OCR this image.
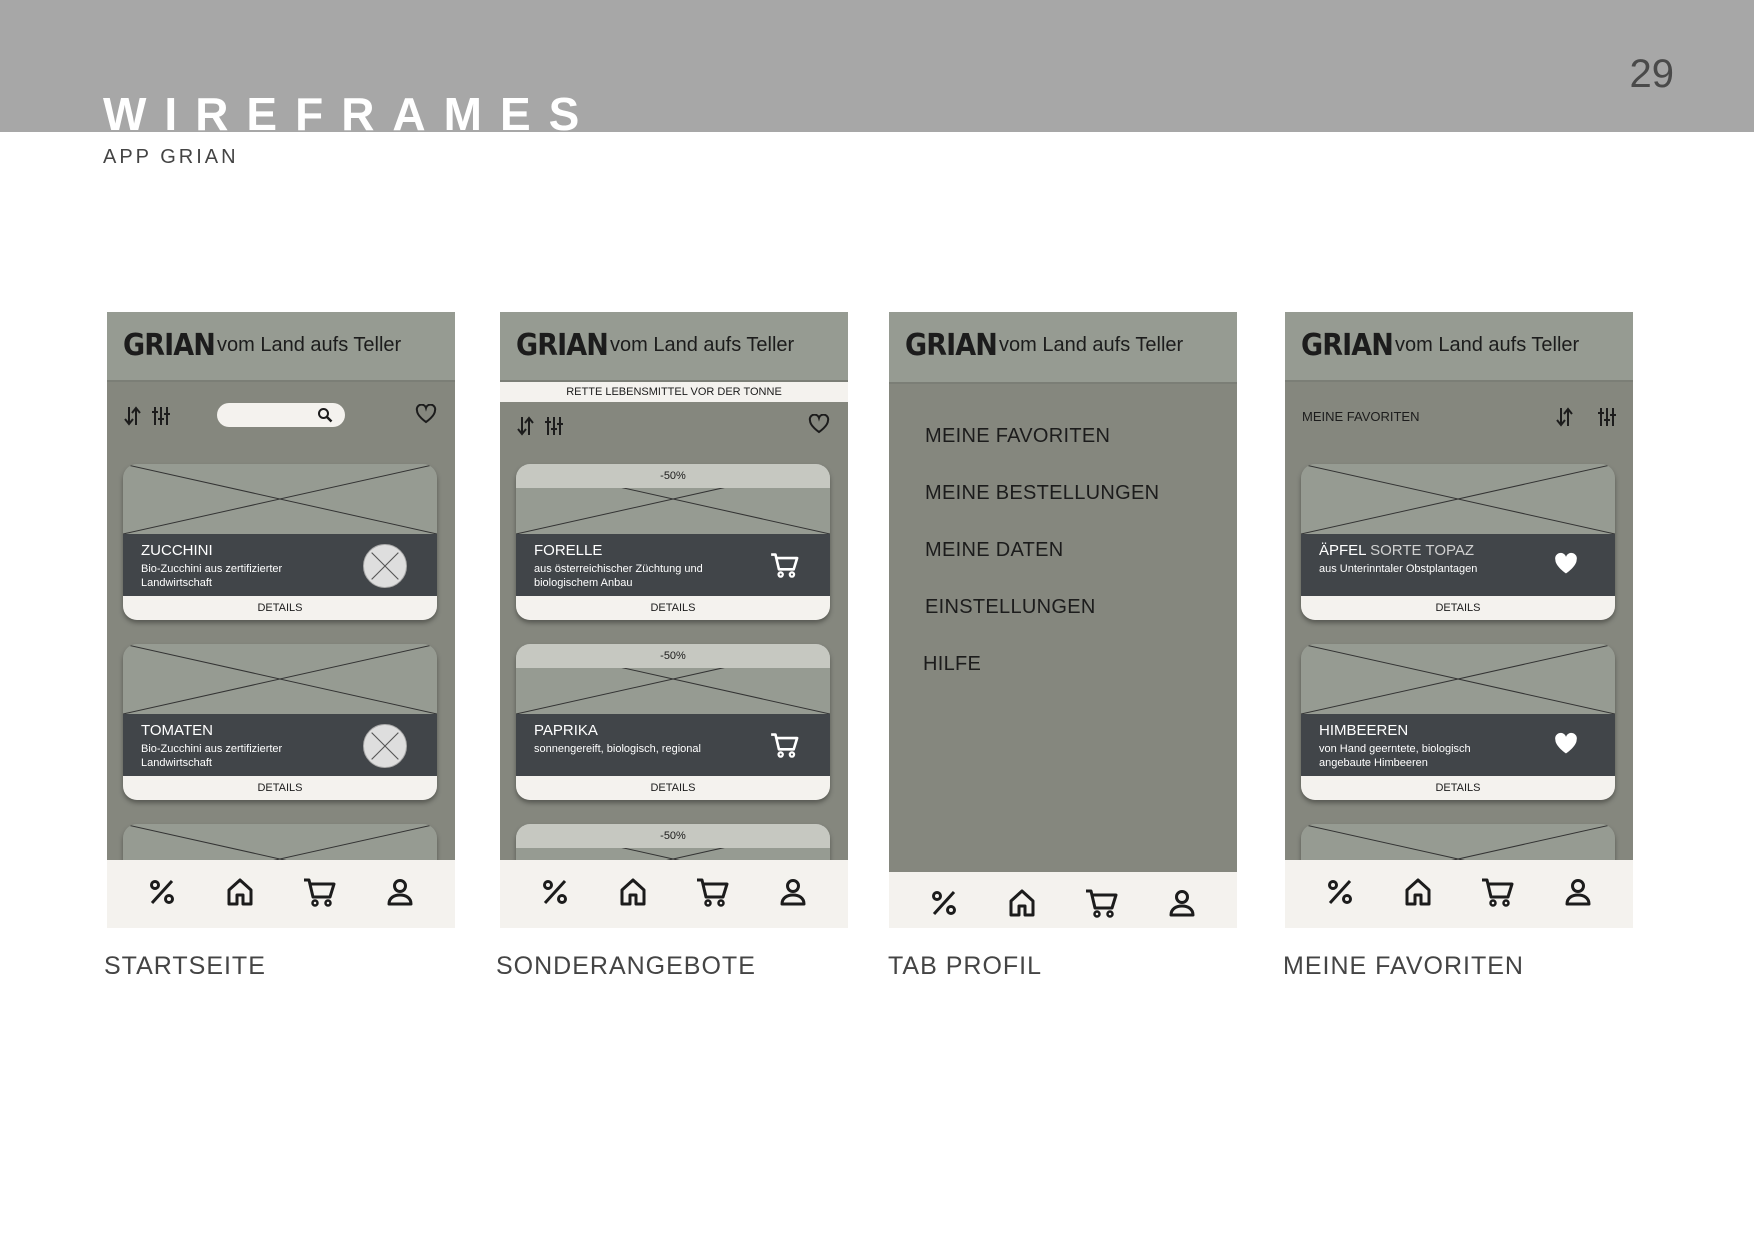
29
WIREFRAMES
APP GRIAN
GRIAN vom Land aufs Teller
ZUCCHINI
Bio-Zucchini aus zertifizierter Landwirtschaft
DETAILS
TOMATEN
Bio-Zucchini aus zertifizierter Landwirtschaft
DETAILS
GRIAN vom Land aufs Teller
RETTE LEBENSMITTEL VOR DER TONNE
-50%
FORELLE
aus österreichischer Züchtung und biologischem Anbau
DETAILS
-50%
PAPRIKA
sonnengereift, biologisch, regional
DETAILS
-50%
GRIAN vom Land aufs Teller
MEINE FAVORITEN
MEINE BESTELLUNGEN
MEINE DATEN
EINSTELLUNGEN
HILFE
GRIAN vom Land aufs Teller
MEINE FAVORITEN
ÄPFEL SORTE TOPAZ
aus Unterinntaler Obstplantagen
DETAILS
HIMBEEREN
von Hand geerntete, biologisch angebaute Himbeeren
DETAILS
STARTSEITE	SONDERANGEBOTE	TAB PROFIL	MEINE FAVORITEN
